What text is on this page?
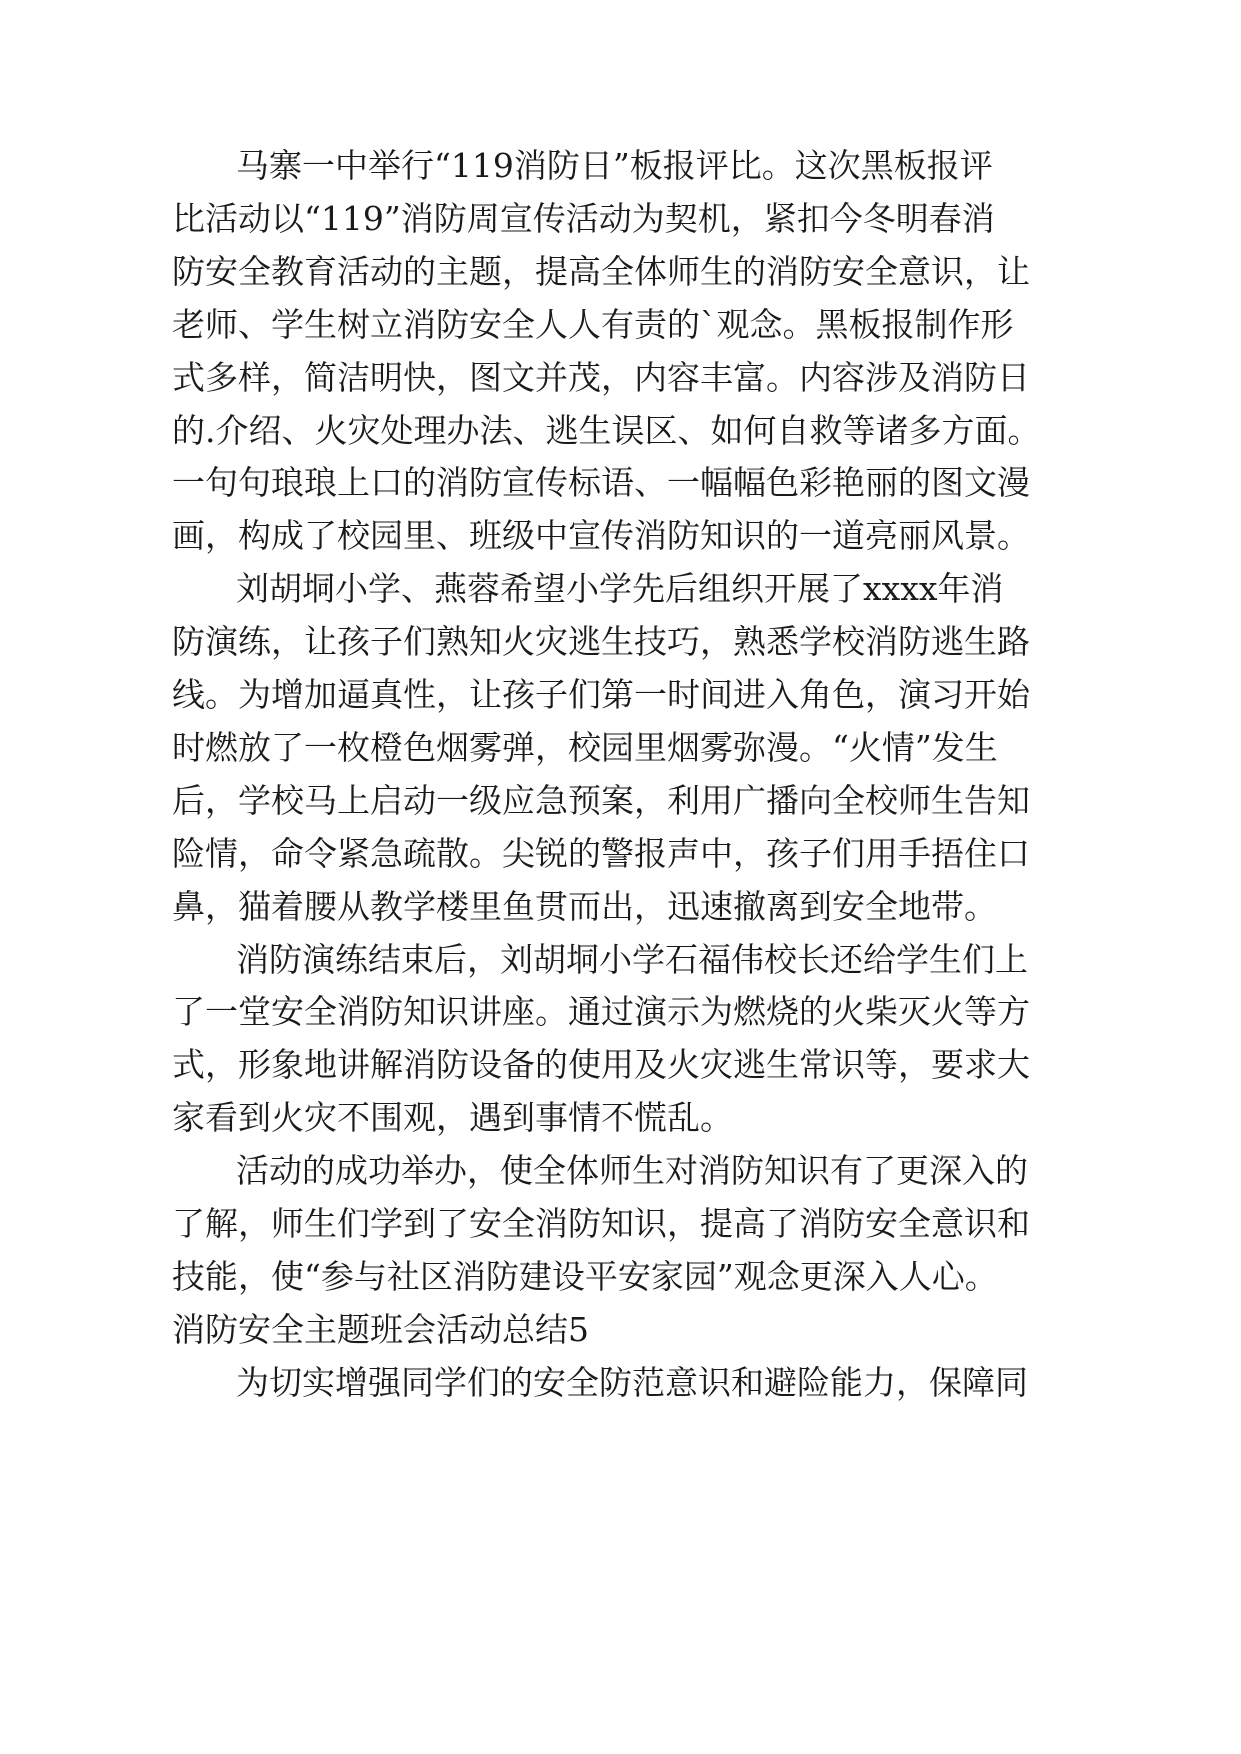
马寨一中举行“119消防日”板报评比。这次黑板报评
比活动以“119”消防周宣传活动为契机，紧扣今冬明春消
防安全教育活动的主题，提高全体师生的消防安全意识，让
老师、学生树立消防安全人人有责的`观念。黑板报制作形
式多样，简洁明快，图文并茂，内容丰富。内容涉及消防日
的.介绍、火灾处理办法、逃生误区、如何自救等诸多方面。
一句句琅琅上口的消防宣传标语、一幅幅色彩艳丽的图文漫
画，构成了校园里、班级中宣传消防知识的一道亮丽风景。
刘胡垌小学、燕蓉希望小学先后组织开展了xxxx年消
防演练，让孩子们熟知火灾逃生技巧，熟悉学校消防逃生路
线。为增加逼真性，让孩子们第一时间进入角色，演习开始
时燃放了一枚橙色烟雾弹，校园里烟雾弥漫。“火情”发生
后，学校马上启动一级应急预案，利用广播向全校师生告知
险情，命令紧急疏散。尖锐的警报声中，孩子们用手捂住口
鼻，猫着腰从教学楼里鱼贯而出，迅速撤离到安全地带。
消防演练结束后，刘胡垌小学石福伟校长还给学生们上
了一堂安全消防知识讲座。通过演示为燃烧的火柴灭火等方
式，形象地讲解消防设备的使用及火灾逃生常识等，要求大
家看到火灾不围观，遇到事情不慌乱。
活动的成功举办，使全体师生对消防知识有了更深入的
了解，师生们学到了安全消防知识，提高了消防安全意识和
技能，使“参与社区消防建设平安家园”观念更深入人心。
消防安全主题班会活动总结5
为切实增强同学们的安全防范意识和避险能力，保障同
